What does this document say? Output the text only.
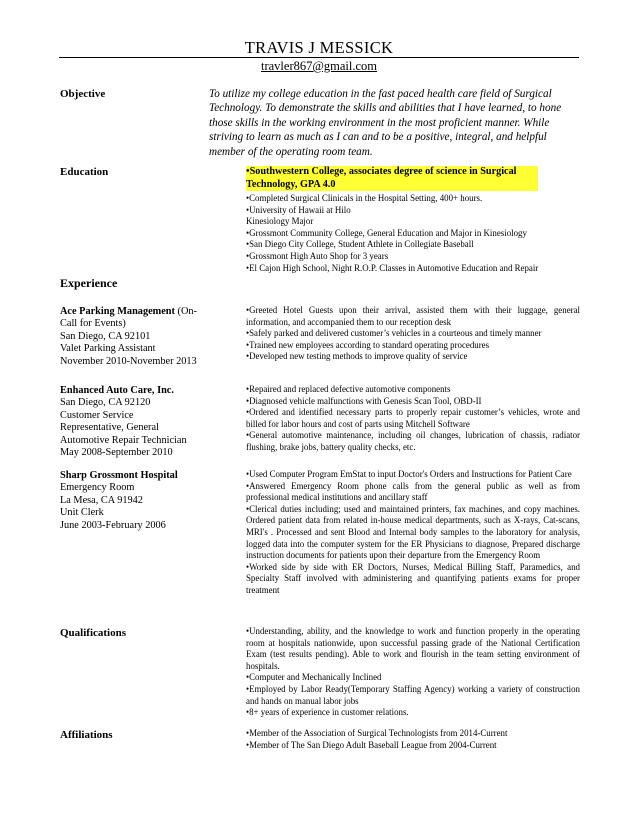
TRAVIS J MESSICK
travler867@gmail.com
Objective	To utilize my college education in the fast paced health care field of Surgical Technology. To demonstrate the skills and abilities that I have learned, to hone those skills in the working environment in the most proficient manner. While striving to learn as much as I can and to be a positive, integral, and helpful member of the operating room team.
Education	• Southwestern College, associates degree of science in Surgical Technology, GPA 4.0
• Completed Surgical Clinicals in the Hospital Setting, 400+ hours.
• University of Hawaii at Hilo
Kinesiology Major
• Grossmont Community College, General Education and Major in Kinesiology
• San Diego City College, Student Athlete in Collegiate Baseball
• Grossmont High Auto Shop for 3 years
• El Cajon High School, Night R.O.P. Classes in Automotive Education and Repair
Experience
Ace Parking Management (On-Call for Events)
San Diego, CA 92101
Valet Parking Assistant
November 2010-November 2013
• Greeted Hotel Guests upon their arrival, assisted them with their luggage, general information, and accompanied them to our reception desk
• Safely parked and delivered customer’s vehicles in a courteous and timely manner
• Trained new employees according to standard operating procedures
• Developed new testing methods to improve quality of service
Enhanced Auto Care, Inc.
San Diego, CA 92120
Customer Service
Representative, General
Automotive Repair Technician
May 2008-September 2010
• Repaired and replaced defective automotive components
• Diagnosed vehicle malfunctions with Genesis Scan Tool, OBD-II
• Ordered and identified necessary parts to properly repair customer’s vehicles, wrote and billed for labor hours and cost of parts using Mitchell Software
• General automotive maintenance, including oil changes, lubrication of chassis, radiator flushing, brake jobs, battery quality checks, etc.
Sharp Grossmont Hospital
Emergency Room
La Mesa, CA 91942
Unit Clerk
June 2003-February 2006
• Used Computer Program EmStat to input Doctor's Orders and Instructions for Patient Care
• Answered Emergency Room phone calls from the general public as well as from professional medical institutions and ancillary staff
• Clerical duties including; used and maintained printers, fax machines, and copy machines. Ordered patient data from related in-house medical departments, such as X-rays, Cat-scans, MRI's . Processed and sent Blood and Internal body samples to the laboratory for analysis, logged data into the computer system for the ER Physicians to diagnose, Prepared discharge instruction documents for patients upon their departure from the Emergency Room
• Worked side by side with ER Doctors, Nurses, Medical Billing Staff, Paramedics, and Specialty Staff involved with administering and quantifying patients exams for proper treatment
Qualifications	• Understanding, ability, and the knowledge to work and function properly in the operating room at hospitals nationwide, upon successful passing grade of the National Certification Exam (test results pending). Able to work and flourish in the team setting environment of hospitals.
• Computer and Mechanically Inclined
• Employed by Labor Ready(Temporary Staffing Agency) working a variety of construction and hands on manual labor jobs
• 8+ years of experience in customer relations.
Affiliations	• Member of the Association of Surgical Technologists from 2014-Current
• Member of The San Diego Adult Baseball League from 2004-Current
